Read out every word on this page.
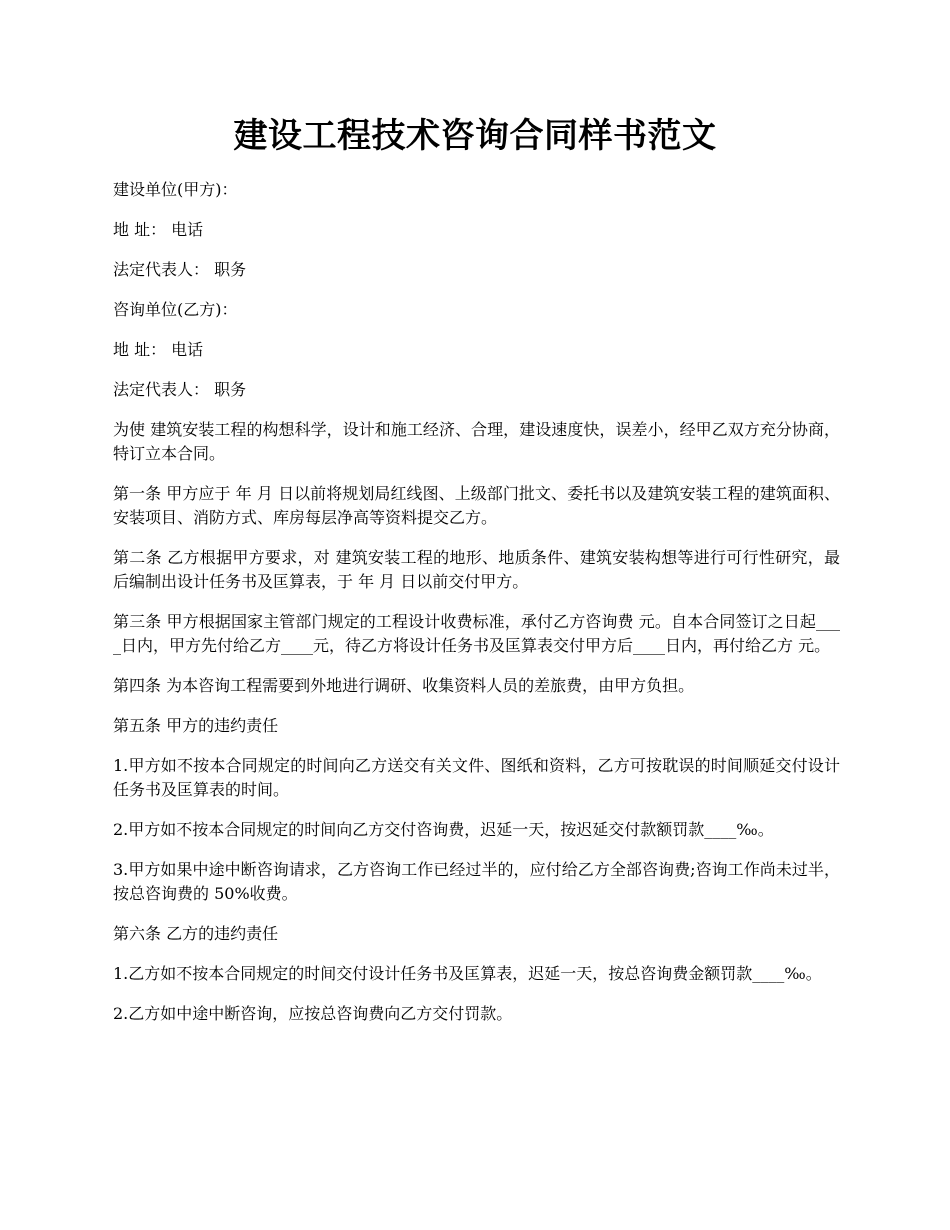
建设工程技术咨询合同样书范文

建设单位(甲方)：

地 址： 电话

法定代表人： 职务

咨询单位(乙方)：

地 址： 电话

法定代表人： 职务

为使 建筑安装工程的构想科学，设计和施工经济、合理，建设速度快，误差小，经甲乙双方充分协商，特订立本合同。

第一条 甲方应于 年 月 日以前将规划局红线图、上级部门批文、委托书以及建筑安装工程的建筑面积、安装项目、消防方式、库房每层净高等资料提交乙方。

第二条 乙方根据甲方要求，对 建筑安装工程的地形、地质条件、建筑安装构想等进行可行性研究，最后编制出设计任务书及匡算表，于 年 月 日以前交付甲方。

第三条 甲方根据国家主管部门规定的工程设计收费标准，承付乙方咨询费 元。自本合同签订之日起____日内，甲方先付给乙方____元，待乙方将设计任务书及匡算表交付甲方后____日内，再付给乙方 元。

第四条 为本咨询工程需要到外地进行调研、收集资料人员的差旅费，由甲方负担。

第五条 甲方的违约责任

1.甲方如不按本合同规定的时间向乙方送交有关文件、图纸和资料，乙方可按耽误的时间顺延交付设计任务书及匡算表的时间。

2.甲方如不按本合同规定的时间向乙方交付咨询费，迟延一天，按迟延交付款额罚款____‰。

3.甲方如果中途中断咨询请求，乙方咨询工作已经过半的，应付给乙方全部咨询费;咨询工作尚未过半，按总咨询费的 50%收费。

第六条 乙方的违约责任

1.乙方如不按本合同规定的时间交付设计任务书及匡算表，迟延一天，按总咨询费金额罚款____‰。

2.乙方如中途中断咨询，应按总咨询费向乙方交付罚款。
